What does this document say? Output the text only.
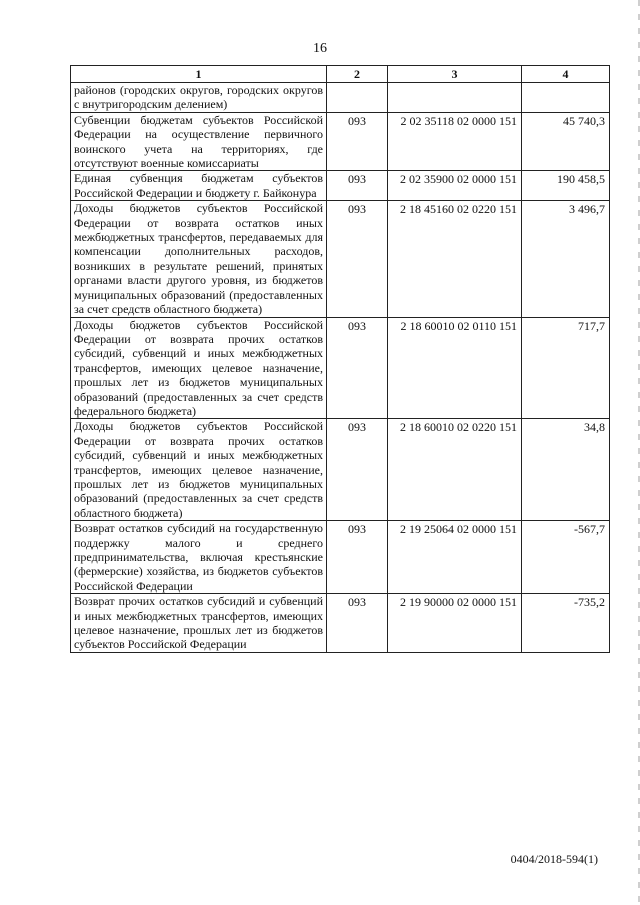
16
1	2	3	4
районов (городских округов, городских округов с внутригородским делением)			
Субвенции бюджетам субъектов Российской Федерации на осуществление первичного воинского учета на территориях, где отсутствуют военные комиссариаты	093	2 02 35118 02 0000 151	45 740,3
Единая субвенция бюджетам субъектов Российской Федерации и бюджету г. Байконура	093	2 02 35900 02 0000 151	190 458,5
Доходы бюджетов субъектов Российской Федерации от возврата остатков иных межбюджетных трансфертов, передаваемых для компенсации дополнительных расходов, возникших в результате решений, принятых органами власти другого уровня, из бюджетов муниципальных образований (предоставленных за счет средств областного бюджета)	093	2 18 45160 02 0220 151	3 496,7
Доходы бюджетов субъектов Российской Федерации от возврата прочих остатков субсидий, субвенций и иных межбюджетных трансфертов, имеющих целевое назначение, прошлых лет из бюджетов муниципальных образований (предоставленных за счет средств федерального бюджета)	093	2 18 60010 02 0110 151	717,7
Доходы бюджетов субъектов Российской Федерации от возврата прочих остатков субсидий, субвенций и иных межбюджетных трансфертов, имеющих целевое назначение, прошлых лет из бюджетов муниципальных образований (предоставленных за счет средств областного бюджета)	093	2 18 60010 02 0220 151	34,8
Возврат остатков субсидий на государственную поддержку малого и среднего предпринимательства, включая крестьянские (фермерские) хозяйства, из бюджетов субъектов Российской Федерации	093	2 19 25064 02 0000 151	-567,7
Возврат прочих остатков субсидий и субвенций и иных межбюджетных трансфертов, имеющих целевое назначение, прошлых лет из бюджетов субъектов Российской Федерации	093	2 19 90000 02 0000 151	-735,2
0404/2018-594(1)
